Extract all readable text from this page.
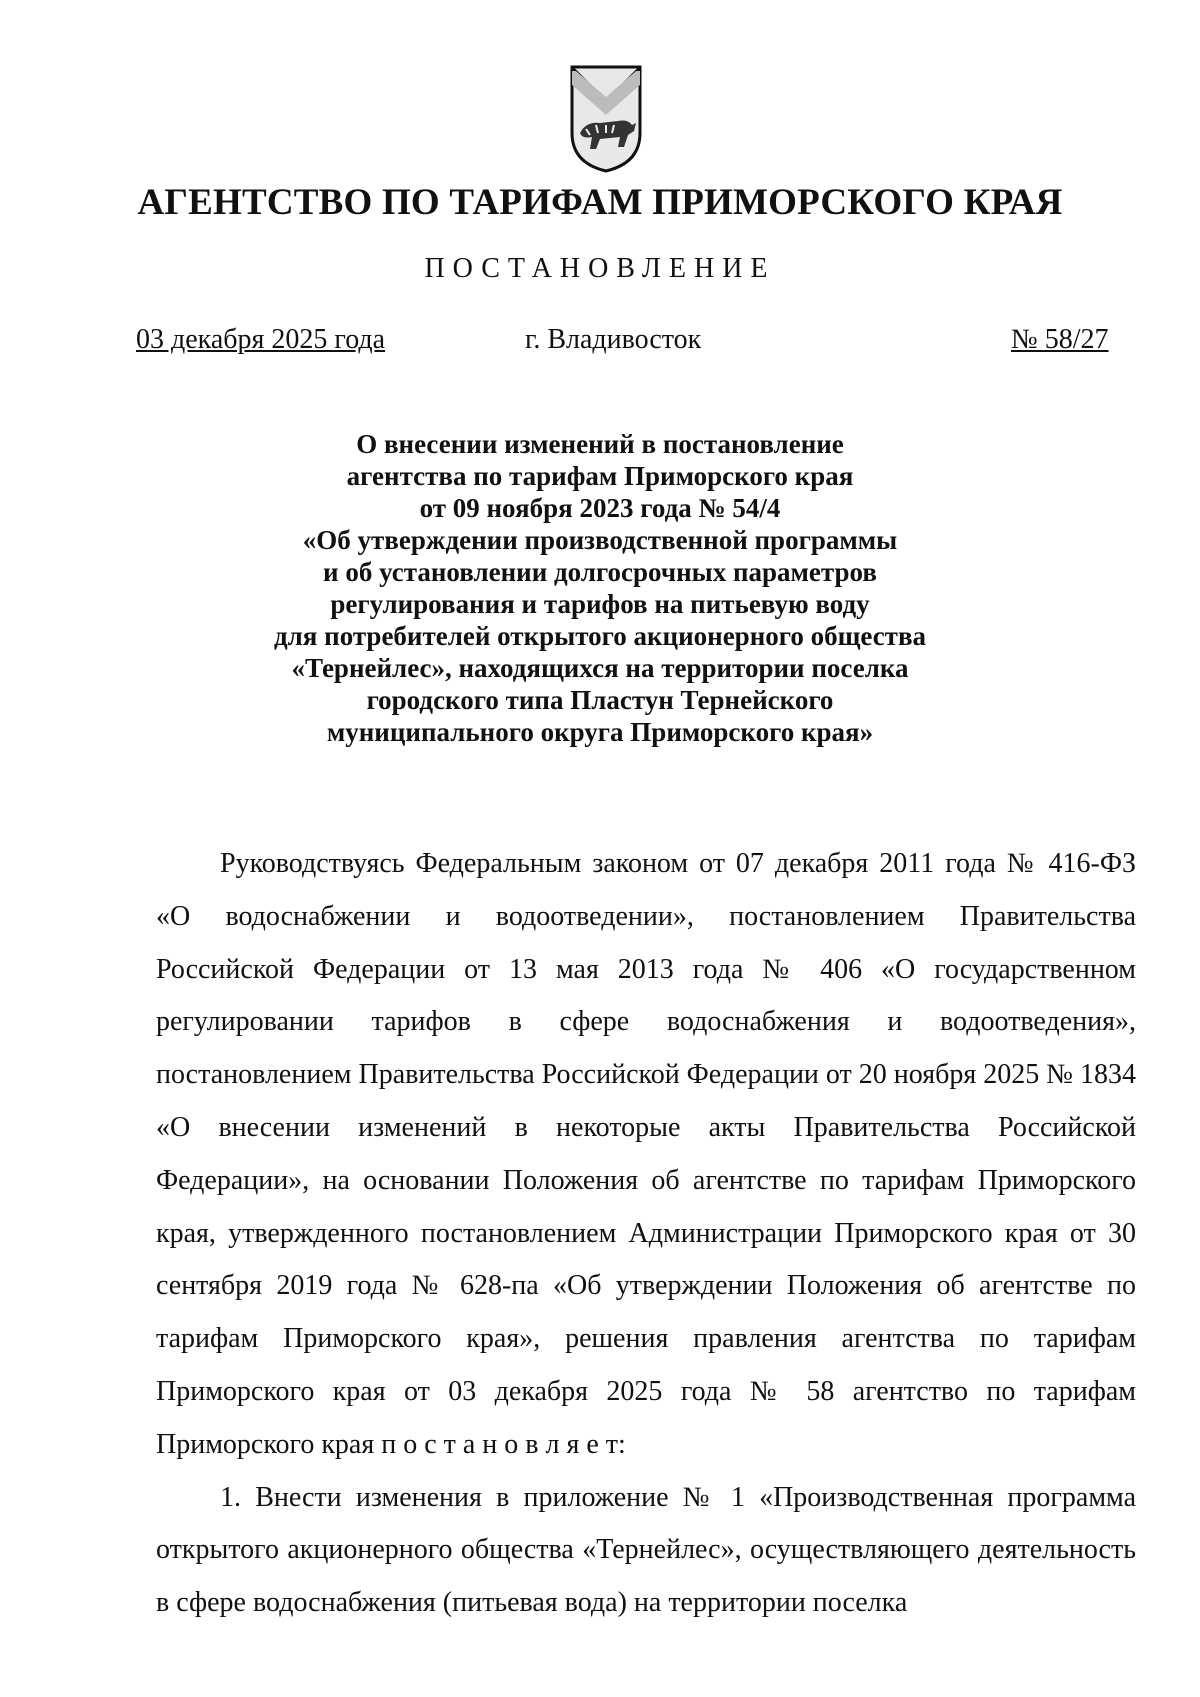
АГЕНТСТВО ПО ТАРИФАМ ПРИМОРСКОГО КРАЯ
ПОСТАНОВЛЕНИЕ
03 декабря 2025 года	г. Владивосток	№ 58/27
О внесении изменений в постановление
агентства по тарифам Приморского края
от 09 ноября 2023 года № 54/4
«Об утверждении производственной программы
и об установлении долгосрочных параметров
регулирования и тарифов на питьевую воду
для потребителей открытого акционерного общества
«Тернейлес», находящихся на территории поселка
городского типа Пластун Тернейского
муниципального округа Приморского края»

Руководствуясь Федеральным законом от 07 декабря 2011 года № 416-ФЗ «О водоснабжении и водоотведении», постановлением Правительства Российской Федерации от 13 мая 2013 года № 406 «О государственном регулировании тарифов в сфере водоснабжения и водоотведения», постановлением Правительства Российской Федерации от 20 ноября 2025 № 1834 «О внесении изменений в некоторые акты Правительства Российской Федерации», на основании Положения об агентстве по тарифам Приморского края, утвержденного постановлением Администрации Приморского края от 30 сентября 2019 года № 628-па «Об утверждении Положения об агентстве по тарифам Приморского края», решения правления агентства по тарифам Приморского края от 03 декабря 2025 года № 58 агентство по тарифам Приморского края п о с т а н о в л я е т:

1. Внести изменения в приложение № 1 «Производственная программа открытого акционерного общества «Тернейлес», осуществляющего деятельность в сфере водоснабжения (питьевая вода) на территории поселка
